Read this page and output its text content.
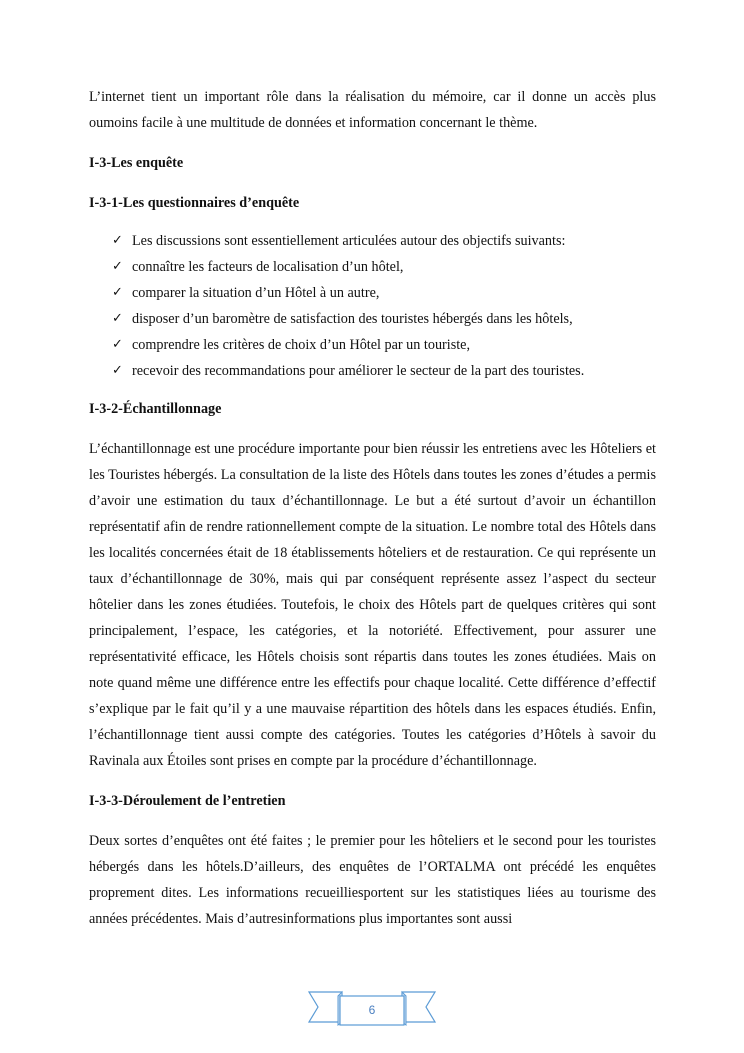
L’internet tient un important rôle dans la réalisation du mémoire, car il donne un accès plus oumoins facile à une multitude de données et information concernant le thème.

I-3-Les enquête
I-3-1-Les questionnaires d’enquête
✓ Les discussions sont essentiellement articulées autour des objectifs suivants:
✓ connaître les facteurs de localisation d’un hôtel,
✓ comparer la situation d’un Hôtel à un autre,
✓ disposer d’un baromètre de satisfaction des touristes hébergés dans les hôtels,
✓ comprendre les critères de choix d’un Hôtel par un touriste,
✓ recevoir des recommandations pour améliorer le secteur de la part des touristes.
I-3-2-Échantillonnage

L’échantillonnage est une procédure importante pour bien réussir les entretiens avec les Hôteliers et les Touristes hébergés. La consultation de la liste des Hôtels dans toutes les zones d’études a permis d’avoir une estimation du taux d’échantillonnage. Le but a été surtout d’avoir un échantillon représentatif afin de rendre rationnellement compte de la situation. Le nombre total des Hôtels dans les localités concernées était de 18 établissements hôteliers et de restauration. Ce qui représente un taux d’échantillonnage de 30%, mais qui par conséquent représente assez l’aspect du secteur hôtelier dans les zones étudiées. Toutefois, le choix des Hôtels part de quelques critères qui sont principalement, l’espace, les catégories, et la notoriété. Effectivement, pour assurer une représentativité efficace, les Hôtels choisis sont répartis dans toutes les zones étudiées. Mais on note quand même une différence entre les effectifs pour chaque localité. Cette différence d’effectif s’explique par le fait qu’il y a une mauvaise répartition des hôtels dans les espaces étudiés. Enfin, l’échantillonnage tient aussi compte des catégories. Toutes les catégories d’Hôtels à savoir du Ravinala aux Étoiles sont prises en compte par la procédure d’échantillonnage.

I-3-3-Déroulement de l’entretien

Deux sortes d’enquêtes ont été faites ; le premier pour les hôteliers et le second pour les touristes hébergés dans les hôtels.D’ailleurs, des enquêtes de l’ORTALMA ont précédé les enquêtes proprement dites. Les informations recueilliesportent sur les statistiques liées au tourisme des années précédentes. Mais d’autresinformations plus importantes sont aussi

6
